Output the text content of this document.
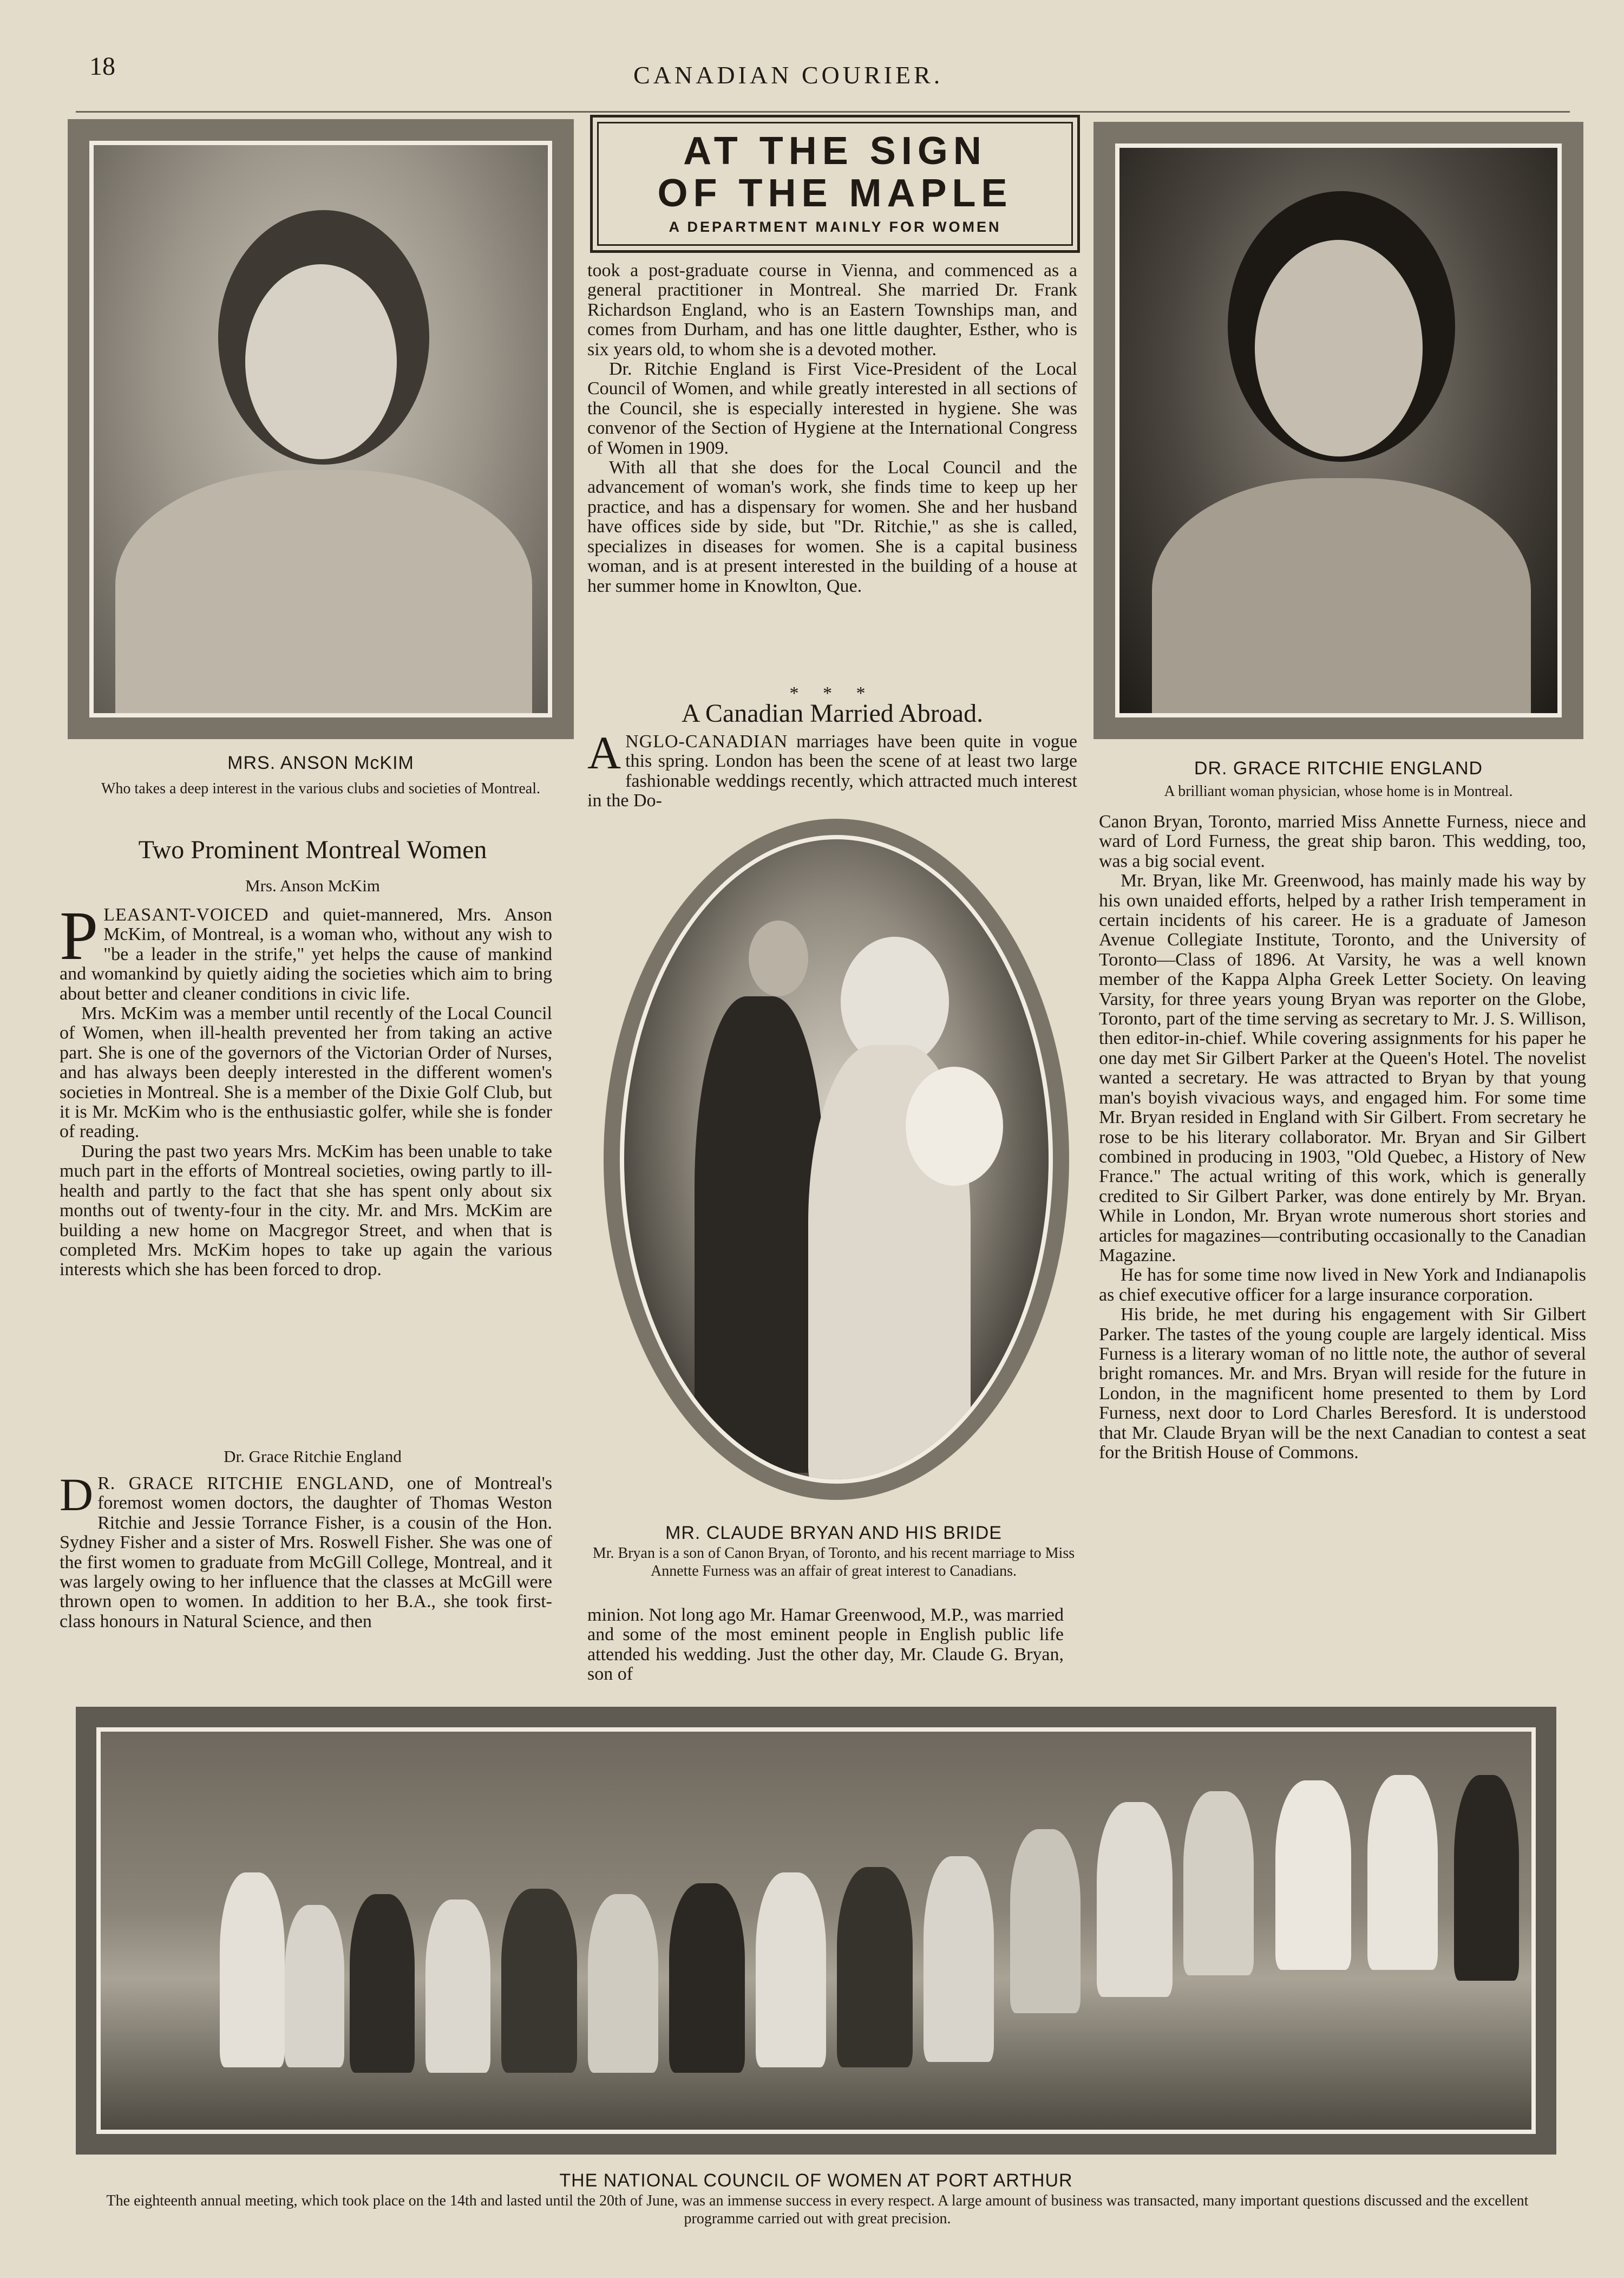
18	CANADIAN COURIER.
MRS. ANSON McKIM
Who takes a deep interest in the various clubs and societies of Montreal.
AT THE SIGN
OF THE MAPLE
A DEPARTMENT MAINLY FOR WOMEN

took a post-graduate course in Vienna, and commenced as a general practitioner in Montreal. She married Dr. Frank Richardson England, who is an Eastern Townships man, and comes from Durham, and has one little daughter, Esther, who is six years old, to whom she is a devoted mother.

Dr. Ritchie England is First Vice-President of the Local Council of Women, and while greatly interested in all sections of the Council, she is especially interested in hygiene. She was convenor of the Section of Hygiene at the International Congress of Women in 1909.

With all that she does for the Local Council and the advancement of woman's work, she finds time to keep up her practice, and has a dispensary for women. She and her husband have offices side by side, but "Dr. Ritchie," as she is called, specializes in diseases for women. She is a capital business woman, and is at present interested in the building of a house at her summer home in Knowlton, Que.

* * *
A Canadian Married Abroad.

ANGLO-CANADIAN marriages have been quite in vogue this spring. London has been the scene of at least two large fashionable weddings recently, which attracted much interest in the Do-

DR. GRACE RITCHIE ENGLAND
A brilliant woman physician, whose home is in Montreal.
Two Prominent Montreal Women
Mrs. Anson McKim

PLEASANT-VOICED and quiet-mannered, Mrs. Anson McKim, of Montreal, is a woman who, without any wish to "be a leader in the strife," yet helps the cause of mankind and womankind by quietly aiding the societies which aim to bring about better and cleaner conditions in civic life.

Mrs. McKim was a member until recently of the Local Council of Women, when ill-health prevented her from taking an active part. She is one of the governors of the Victorian Order of Nurses, and has always been deeply interested in the different women's societies in Montreal. She is a member of the Dixie Golf Club, but it is Mr. McKim who is the enthusiastic golfer, while she is fonder of reading.

During the past two years Mrs. McKim has been unable to take much part in the efforts of Montreal societies, owing partly to ill-health and partly to the fact that she has spent only about six months out of twenty-four in the city. Mr. and Mrs. McKim are building a new home on Macgregor Street, and when that is completed Mrs. McKim hopes to take up again the various interests which she has been forced to drop.

Dr. Grace Ritchie England

D R. GRACE RITCHIE ENGLAND, one of Montreal's foremost women doctors, the daughter of Thomas Weston Ritchie and Jessie Torrance Fisher, is a cousin of the Hon. Sydney Fisher and a sister of Mrs. Roswell Fisher. She was one of the first women to graduate from McGill College, Montreal, and it was largely owing to her influence that the classes at McGill were thrown open to women. In addition to her B.A., she took first-class honours in Natural Science, and then

MR. CLAUDE BRYAN AND HIS BRIDE
Mr. Bryan is a son of Canon Bryan, of Toronto, and his recent marriage to Miss Annette Furness was an affair of great interest to Canadians.

minion. Not long ago Mr. Hamar Greenwood, M.P., was married and some of the most eminent people in English public life attended his wedding. Just the other day, Mr. Claude G. Bryan, son of

Canon Bryan, Toronto, married Miss Annette Furness, niece and ward of Lord Furness, the great ship baron. This wedding, too, was a big social event.

Mr. Bryan, like Mr. Greenwood, has mainly made his way by his own unaided efforts, helped by a rather Irish temperament in certain incidents of his career. He is a graduate of Jameson Avenue Collegiate Institute, Toronto, and the University of Toronto—Class of 1896. At Varsity, he was a well known member of the Kappa Alpha Greek Letter Society. On leaving Varsity, for three years young Bryan was reporter on the Globe, Toronto, part of the time serving as secretary to Mr. J. S. Willison, then editor-in-chief. While covering assignments for his paper he one day met Sir Gilbert Parker at the Queen's Hotel. The novelist wanted a secretary. He was attracted to Bryan by that young man's boyish vivacious ways, and engaged him. For some time Mr. Bryan resided in England with Sir Gilbert. From secretary he rose to be his literary collaborator. Mr. Bryan and Sir Gilbert combined in producing in 1903, "Old Quebec, a History of New France." The actual writing of this work, which is generally credited to Sir Gilbert Parker, was done entirely by Mr. Bryan. While in London, Mr. Bryan wrote numerous short stories and articles for magazines—contributing occasionally to the Canadian Magazine.

He has for some time now lived in New York and Indianapolis as chief executive officer for a large insurance corporation.

His bride, he met during his engagement with Sir Gilbert Parker. The tastes of the young couple are largely identical. Miss Furness is a literary woman of no little note, the author of several bright romances. Mr. and Mrs. Bryan will reside for the future in London, in the magnificent home presented to them by Lord Furness, next door to Lord Charles Beresford. It is understood that Mr. Claude Bryan will be the next Canadian to contest a seat for the British House of Commons.

THE NATIONAL COUNCIL OF WOMEN AT PORT ARTHUR
The eighteenth annual meeting, which took place on the 14th and lasted until the 20th of June, was an immense success in every respect. A large amount of business was transacted, many important questions discussed and the excellent programme carried out with great precision.
